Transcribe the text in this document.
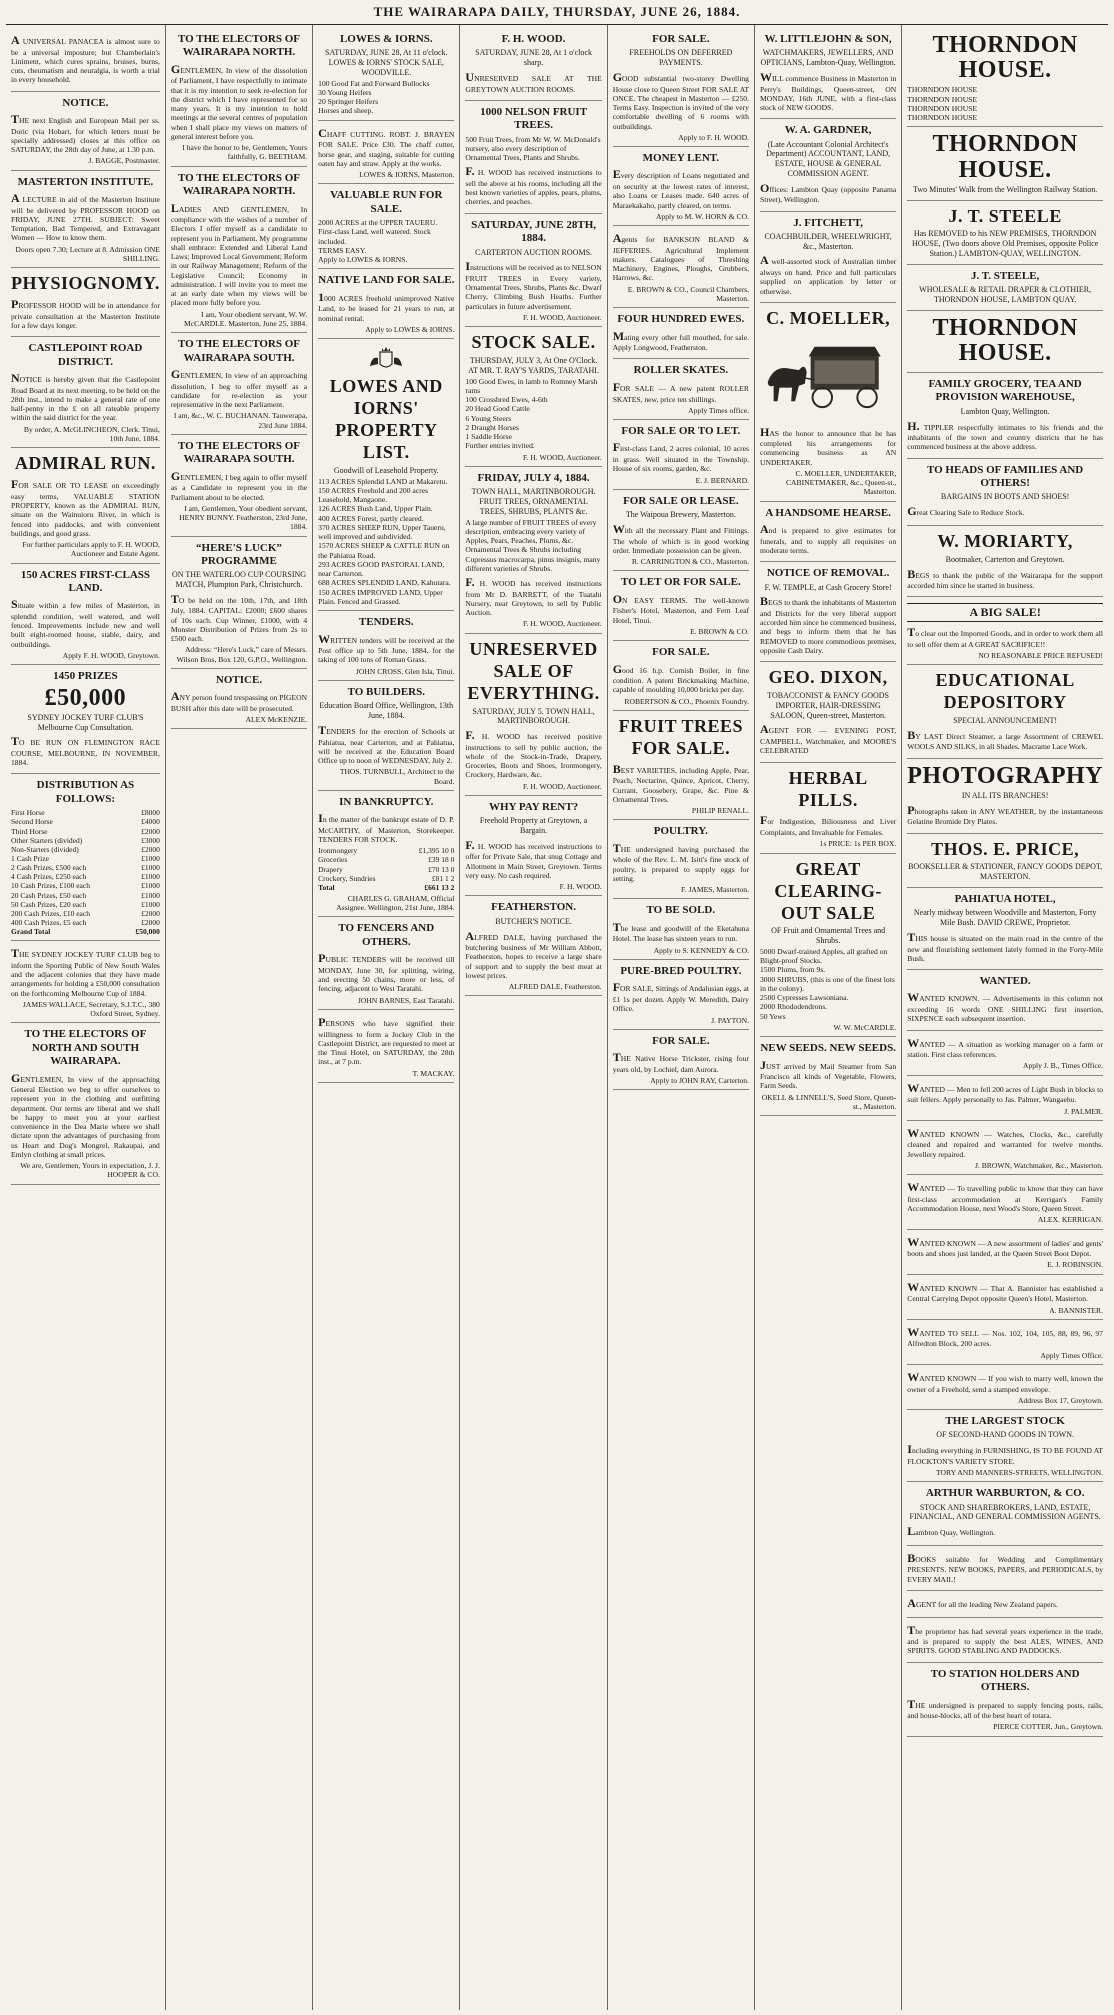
THE WAIRARAPA DAILY, THURSDAY, JUNE 26, 1884.
A UNIVERSAL PANACEA is almost sure to be a universal imposture; but Chamberlain's Liniment, which cures sprains, bruises, burns, cuts, rheumatism and neuralgia, is worth a trial in every household.
NOTICE.
THE next English and European Mail per ss. Doric (via Hobart, for which letters must be specially addressed) closes at this office on SATURDAY, the 28th day of June, at 1.30 p.m.
J. BAGGE, Postmaster.
MASTERTON INSTITUTE.
A LECTURE in aid of the Masterton Institute will be delivered by PROFESSOR HOOD on FRIDAY, JUNE 27TH. SUBJECT: Sweet Temptation, Bad Tempered, and Extravagant Women — How to know them.
Doors open 7.30; Lecture at 8. Admission ONE SHILLING.
PHYSIOGNOMY.
PROFESSOR HOOD will be in attendance for private consultation at the Masterton Institute for a few days longer.
CASTLEPOINT ROAD DISTRICT.
NOTICE is hereby given that the Castlepoint Road Board at its next meeting, to be held on the 28th inst., intend to make a general rate of one half-penny in the £ on all rateable property within the said district for the year.
By order, A. McGLINCHEON, Clerk. Tinui, 10th June, 1884.
ADMIRAL RUN.
FOR SALE OR TO LEASE on exceedingly easy terms, VALUABLE STATION PROPERTY, known as the ADMIRAL RUN, situate on the Wainuioru River, in which is fenced into paddocks, and with convenient buildings, and good grass.
For further particulars apply to F. H. WOOD, Auctioneer and Estate Agent.
150 ACRES FIRST-CLASS LAND.
Situate within a few miles of Masterton, in splendid condition, well watered, and well fenced. Improvements include new and well built eight-roomed house, stable, dairy, and outbuildings.
Apply F. H. WOOD, Greytown.
1450 PRIZES
£50,000
SYDNEY JOCKEY TURF CLUB'S Melbourne Cup Consultation.
TO BE RUN ON FLEMINGTON RACE COURSE, MELBOURNE, IN NOVEMBER, 1884.
DISTRIBUTION AS FOLLOWS:
First Horse	£8000
Second Horse	£4000
Third Horse	£2000
Other Starters (divided)	£3000
Non-Starters (divided)	£2000
1 Cash Prize	£1000
2 Cash Prizes, £500 each	£1000
4 Cash Prizes, £250 each	£1000
10 Cash Prizes, £100 each	£1000
20 Cash Prizes, £50 each	£1000
50 Cash Prizes, £20 each	£1000
200 Cash Prizes, £10 each	£2000
400 Cash Prizes, £5 each	£2000
Grand Total	£50,000
THE SYDNEY JOCKEY TURF CLUB beg to inform the Sporting Public of New South Wales and the adjacent colonies that they have made arrangements for holding a £50,000 consultation on the forthcoming Melbourne Cup of 1884.
JAMES WALLACE, Secretary, S.J.T.C., 380 Oxford Street, Sydney.
TO THE ELECTORS OF NORTH AND SOUTH WAIRARAPA.
GENTLEMEN, In view of the approaching General Election we beg to offer ourselves to represent you in the clothing and outfitting department. Our terms are liberal and we shall be happy to meet you at your earliest convenience in the Dea Marie where we shall dictate upon the advantages of purchasing from us Heart and Dog's Mongrel, Rakaupai, and Emlyn clothing at small prices.
We are, Gentlemen, Yours in expectation, J. J. HOOPER & CO.
TO THE ELECTORS OF WAIRARAPA NORTH.
GENTLEMEN, In view of the dissolution of Parliament, I have respectfully to intimate that it is my intention to seek re-election for the district which I have represented for so many years. It is my intention to hold meetings at the several centres of population when I shall place my views on matters of general interest before you.
I have the honor to be, Gentlemen, Yours faithfully, G. BEETHAM.
TO THE ELECTORS OF WAIRARAPA NORTH.
LADIES AND GENTLEMEN, In compliance with the wishes of a number of Electors I offer myself as a candidate to represent you in Parliament. My programme shall embrace: Extended and Liberal Land Laws; Improved Local Government; Reform in our Railway Management; Reform of the Legislative Council; Economy in administration. I will invite you to meet me at an early date when my views will be placed more fully before you.
I am, Your obedient servant, W. W. McCARDLE. Masterton, June 25, 1884.
TO THE ELECTORS OF WAIRARAPA SOUTH.
GENTLEMEN, In view of an approaching dissolution, I beg to offer myself as a candidate for re-election as your representative in the next Parliament.
I am, &c., W. C. BUCHANAN. Tauwerapa, 23rd June 1884.
TO THE ELECTORS OF WAIRARAPA SOUTH.
GENTLEMEN, I beg again to offer myself as a Candidate to represent you in the Parliament about to be elected.
I am, Gentlemen, Your obedient servant, HENRY BUNNY. Featherston, 23rd June, 1884.
“HERE'S LUCK” PROGRAMME
ON THE WATERLOO CUP COURSING MATCH, Plumpton Park, Christchurch.
TO be held on the 10th, 17th, and 18th July, 1884. CAPITAL: £2000; £600 shares of 10s each. Cup Winner, £1000, with 4 Monster Distribution of Prizes from 2s to £500 each.
Address: “Here's Luck,” care of Messrs. Wilson Bros, Box 120, G.P.O., Wellington.
NOTICE.
ANY person found trespassing on PIGEON BUSH after this date will be prosecuted.
ALEX McKENZIE.
LOWES & IORNS.
SATURDAY, JUNE 28, At 11 o'clock. LOWES & IORNS' STOCK SALE, WOODVILLE.
100 Good Fat and Forward Bullocks
30 Young Heifers
20 Springer Heifers
Horses and sheep.
CHAFF CUTTING. ROBT. J. BRAYEN FOR SALE. Price £30. The chaff cutter, horse gear, and staging, suitable for cutting oaten hay and straw. Apply at the works.
LOWES & IORNS, Masterton.
VALUABLE RUN FOR SALE.
2000 ACRES at the UPPER TAUERU. First-class Land, well watered. Stock included.
TERMS EASY.
Apply to LOWES & IORNS.
NATIVE LAND FOR SALE.
1000 ACRES freehold unimproved Native Land, to be leased for 21 years to run, at nominal rental.
Apply to LOWES & IORNS.
LOWES AND IORNS' PROPERTY LIST.
Goodwill of Leasehold Property.
113 ACRES Splendid LAND at Makaretu.
150 ACRES Freehold and 200 acres Leasehold, Mangaone.
126 ACRES Bush Land, Upper Plain.
400 ACRES Forest, partly cleared.
370 ACRES SHEEP RUN, Upper Taueru, well improved and subdivided.
1570 ACRES SHEEP & CATTLE RUN on the Pahiatua Road.
293 ACRES GOOD PASTORAL LAND, near Carterton.
688 ACRES SPLENDID LAND, Kahutara.
150 ACRES IMPROVED LAND, Upper Plain. Fenced and Grassed.
TENDERS.
WRITTEN tenders will be received at the Post office up to 5th June, 1884, for the taking of 100 tons of Roman Grass.
JOHN CROSS, Glen Isla, Tinui.
TO BUILDERS.
Education Board Office, Wellington, 13th June, 1884.
TENDERS for the erection of Schools at Pahiatua, near Carterton, and at Pahiatua, will be received at the Education Board Office up to noon of WEDNESDAY, July 2.
THOS. TURNBULL, Architect to the Board.
IN BANKRUPTCY.
In the matter of the bankrupt estate of D. P. McCARTHY, of Masterton, Storekeeper. TENDERS FOR STOCK.
Ironmongery	£1,395 10 0
Groceries	£39 18 0
Drapery	£70 13 0
Crockery, Sundries	£81 1 2
Total	£661 13 2
CHARLES G. GRAHAM, Official Assignee. Wellington, 21st June, 1884.
TO FENCERS AND OTHERS.
PUBLIC TENDERS will be received till MONDAY, June 30, for splitting, wiring, and erecting 50 chains, more or less, of fencing, adjacent to West Taratahi.
JOHN BARNES, East Taratahi.
PERSONS who have signified their willingness to form a Jockey Club in the Castlepoint District, are requested to meet at the Tinui Hotel, on SATURDAY, the 28th inst., at 7 p.m.
T. MACKAY.
F. H. WOOD.
SATURDAY, JUNE 28, At 1 o'clock sharp.
UNRESERVED SALE AT THE GREYTOWN AUCTION ROOMS.
1000 NELSON FRUIT TREES.
500 Fruit Trees, from Mr W. W. McDonald's nursery, also every description of Ornamental Trees, Plants and Shrubs.
F. H. WOOD has received instructions to sell the above at his rooms, including all the best known varieties of apples, pears, plums, cherries, and peaches.
SATURDAY, JUNE 28TH, 1884.
CARTERTON AUCTION ROOMS.
Instructions will be received as to NELSON FRUIT TREES in Every variety, Ornamental Trees, Shrubs, Plants &c. Dwarf Cherry, Climbing Bush Heaths. Further particulars in future advertisement.
F. H. WOOD, Auctioneer.
STOCK SALE.
THURSDAY, JULY 3, At One O'Clock. AT MR. T. RAY'S YARDS, TARATAHI.
100 Good Ewes, in lamb to Romney Marsh rams
100 Crossbred Ewes, 4-6th
20 Head Good Cattle
6 Young Steers
2 Draught Horses
1 Saddle Horse
Further entries invited.
F. H. WOOD, Auctioneer.
FRIDAY, JULY 4, 1884.
TOWN HALL, MARTINBOROUGH. FRUIT TREES, ORNAMENTAL TREES, SHRUBS, PLANTS &c.
A large number of FRUIT TREES of every description, embracing every variety of Apples, Pears, Peaches, Plums, &c.
Ornamental Trees & Shrubs including Cupressus macrocarpa, pinus insignis, many different varieties of Shrubs.
F. H. WOOD has received instructions from Mr D. BARRETT, of the Tuatahi Nursery, near Greytown, to sell by Public Auction.
F. H. WOOD, Auctioneer.
UNRESERVED SALE OF EVERYTHING.
SATURDAY, JULY 5. TOWN HALL, MARTINBOROUGH.
F. H. WOOD has received positive instructions to sell by public auction, the whole of the Stock-in-Trade, Drapery, Groceries, Boots and Shoes, Ironmongery, Crockery, Hardware, &c.
F. H. WOOD, Auctioneer.
WHY PAY RENT?
Freehold Property at Greytown, a Bargain.
F. H. WOOD has received instructions to offer for Private Sale, that snug Cottage and Allotment in Main Street, Greytown. Terms very easy. No cash required.
F. H. WOOD.
FEATHERSTON.
BUTCHER'S NOTICE.
ALFRED DALE, having purchased the butchering business of Mr William Abbott, Featherston, hopes to receive a large share of support and to supply the best meat at lowest prices.
ALFRED DALE, Featherston.
FOR SALE.
FREEHOLDS ON DEFERRED PAYMENTS.
GOOD substantial two-storey Dwelling House close to Queen Street FOR SALE AT ONCE. The cheapest in Masterton — £250. Terms Easy. Inspection is invited of the very comfortable dwelling of 6 rooms with outbuildings.
Apply to F. H. WOOD.
MONEY LENT.
Every description of Loans negotiated and on security at the lowest rates of interest, also Loans or Leases made. 640 acres of Maraekakaho, partly cleared, on terms.
Apply to M. W. HORN & CO.
Agents for BANKSON BLAND & JEFFERIES. Agricultural Implement makers. Catalogues of Threshing Machinery, Engines, Ploughs, Grubbers, Harrows, &c.
E. BROWN & CO., Council Chambers, Masterton.
FOUR HUNDRED EWES.
Mating every other full mouthed, for sale. Apply Longwood, Featherston.
ROLLER SKATES.
FOR SALE — A new patent ROLLER SKATES, new, price ten shillings.
Apply Times office.
FOR SALE OR TO LET.
First-class Land, 2 acres colonial, 10 acres in grass. Well situated in the Township. House of six rooms, garden, &c.
E. J. BERNARD.
FOR SALE OR LEASE.
The Waipoua Brewery, Masterton.
With all the necessary Plant and Fittings. The whole of which is in good working order. Immediate possession can be given.
R. CARRINGTON & CO., Masterton.
TO LET OR FOR SALE.
ON EASY TERMS. The well-known Fisher's Hotel, Masterton, and Fern Leaf Hotel, Tinui.
E. BROWN & CO.
FOR SALE.
Good 16 h.p. Cornish Boiler, in fine condition. A patent Brickmaking Machine, capable of moulding 10,000 bricks per day.
ROBERTSON & CO., Phoenix Foundry.
FRUIT TREES FOR SALE.
BEST VARIETIES, including Apple, Pear, Peach, Nectarine, Quince, Apricot, Cherry, Currant, Goosebery, Grape, &c. Pine & Ornamental Trees.
PHILIP RENALL.
POULTRY.
THE undersigned having purchased the whole of the Rev. L. M. Isitt's fine stock of poultry, is prepared to supply eggs for setting.
F. JAMES, Masterton.
TO BE SOLD.
The lease and goodwill of the Eketahuna Hotel. The lease has sixteen years to run.
Apply to S. KENNEDY & CO.
PURE-BRED POULTRY.
FOR SALE, Sittings of Andalusian eggs, at £1 1s per dozen. Apply W. Meredith, Dairy Office.
J. PAYTON.
FOR SALE.
THE Native Horse Trickster, rising four years old, by Lochiel, dam Aurora.
Apply to JOHN RAY, Carterton.
W. LITTLEJOHN & SON,
WATCHMAKERS, JEWELLERS, AND OPTICIANS, Lambton-Quay, Wellington.
WILL commence Business in Masterton in Perry's Buildings, Queen-street, ON MONDAY, 16th JUNE, with a first-class stock of NEW GOODS.
W. A. GARDNER,
(Late Accountant Colonial Architect's Department) ACCOUNTANT, LAND, ESTATE, HOUSE & GENERAL COMMISSION AGENT.
Offices: Lambton Quay (opposite Panama Street), Wellington.
J. FITCHETT,
COACHBUILDER, WHEELWRIGHT, &c., Masterton.
A well-assorted stock of Australian timber always on hand. Price and full particulars supplied on application by letter or otherwise.
C. MOELLER,
HAS the honor to announce that he has completed his arrangements for commencing business as AN UNDERTAKER.
C. MOELLER, UNDERTAKER, CABINETMAKER, &c., Queen-st., Masterton.
A HANDSOME HEARSE.
And is prepared to give estimates for funerals, and to supply all requisites on moderate terms.
NOTICE OF REMOVAL.
F. W. TEMPLE, at Cash Grocery Store!
BEGS to thank the inhabitants of Masterton and Districts for the very liberal support accorded him since he commenced business, and begs to inform them that he has REMOVED to more commodious premises, opposite Cash Dairy.
GEO. DIXON,
TOBACCONIST & FANCY GOODS IMPORTER, HAIR-DRESSING SALOON, Queen-street, Masterton.
AGENT FOR — EVENING POST, CAMPBELL, Watchmaker, and MOORE'S CELEBRATED
HERBAL PILLS.
For Indigestion, Biliousness and Liver Complaints, and Invaluable for Females.
1s PRICE: 1s PER BOX.
GREAT CLEARING-OUT SALE
OF Fruit and Ornamental Trees and Shrubs.
5000 Dwarf-trained Apples, all grafted on Blight-proof Stocks.
1500 Plums, from 9s.
3000 SHRUBS, (this is one of the finest lots in the colony).
2500 Cypresses Lawsoniana.
2000 Rhododendrons.
50 Yews
W. W. McCARDLE.
NEW SEEDS. NEW SEEDS.
JUST arrived by Mail Steamer from San Francisco all kinds of Vegetable, Flowers, Farm Seeds.
OKELL & LINNELL'S, Seed Store, Queen-st., Masterton.
THORNDON HOUSE.
THORNDON HOUSE
THORNDON HOUSE
THORNDON HOUSE
THORNDON HOUSE
THORNDON HOUSE.
Two Minutes' Walk from the Wellington Railway Station.
J. T. STEELE
Has REMOVED to his NEW PREMISES, THORNDON HOUSE, (Two doors above Old Premises, opposite Police Station.) LAMBTON-QUAY, WELLINGTON.
J. T. STEELE,
WHOLESALE & RETAIL DRAPER & CLOTHIER, THORNDON HOUSE, LAMBTON QUAY.
THORNDON HOUSE.
FAMILY GROCERY, TEA AND PROVISION WAREHOUSE,
Lambton Quay, Wellington.
H. TIPPLER respectfully intimates to his friends and the inhabitants of the town and country districts that he has commenced business at the above address.
TO HEADS OF FAMILIES AND OTHERS!
BARGAINS IN BOOTS AND SHOES!
Great Clearing Sale to Reduce Stock.
W. MORIARTY,
Bootmaker, Carterton and Greytown.
BEGS to thank the public of the Wairarapa for the support accorded him since he started in business.
A BIG SALE!
To clear out the Imported Goods, and in order to work them all to sell offer them at A GREAT SACRIFICE!!
NO REASONABLE PRICE REFUSED!
EDUCATIONAL DEPOSITORY
SPECIAL ANNOUNCEMENT!
BY LAST Direct Steamer, a large Assortment of CREWEL WOOLS AND SILKS, in all Shades. Macrame Lace Work.
PHOTOGRAPHY
IN ALL ITS BRANCHES!
Photographs taken in ANY WEATHER, by the instantaneous Gelatine Bromide Dry Plates.
THOS. E. PRICE,
BOOKSELLER & STATIONER, FANCY GOODS DEPOT, MASTERTON.
PAHIATUA HOTEL,
Nearly midway between Woodville and Masterton, Forty Mile Bush. DAVID CREWE, Proprietor.
THIS house is situated on the main road in the centre of the new and flourishing settlement lately formed in the Forty-Mile Bush.
WANTED.
WANTED KNOWN. — Advertisements in this column not exceeding 16 words ONE SHILLING first insertion, SIXPENCE each subsequent insertion.
WANTED — A situation as working manager on a farm or station. First class references.
Apply J. B., Times Office.
WANTED — Men to fell 200 acres of Light Bush in blocks to suit fellers. Apply personally to Jas. Palmer, Wangaehu.
J. PALMER.
WANTED KNOWN — Watches, Clocks, &c., carefully cleaned and repaired and warranted for twelve months. Jewellery repaired.
J. BROWN, Watchmaker, &c., Masterton.
WANTED — To travelling public to know that they can have first-class accommodation at Kerrigan's Family Accommodation House, next Wood's Store, Queen Street.
ALEX. KERRIGAN.
WANTED KNOWN — A new assortment of ladies' and gents' boots and shoes just landed, at the Queen Street Boot Depot.
E. J. ROBINSON.
WANTED KNOWN — That A. Bannister has established a Central Carrying Depot opposite Queen's Hotel, Masterton.
A. BANNISTER.
WANTED TO SELL — Nos. 102, 104, 105, 88, 89, 96, 97 Alfredton Block, 200 acres.
Apply Times Office.
WANTED KNOWN — If you wish to marry well, known the owner of a Freehold, send a stamped envelope.
Address Box 17, Greytown.
THE LARGEST STOCK
OF SECOND-HAND GOODS IN TOWN.
Including everything in FURNISHING, IS TO BE FOUND AT FLOCKTON'S VARIETY STORE.
TORY AND MANNERS-STREETS, WELLINGTON.
ARTHUR WARBURTON, & CO.
STOCK AND SHAREBROKERS, LAND, ESTATE, FINANCIAL, AND GENERAL COMMISSION AGENTS.
Lambton Quay, Wellington.
BOOKS suitable for Wedding and Complimentary PRESENTS. NEW BOOKS, PAPERS, and PERIODICALS, by EVERY MAIL!
AGENT for all the leading New Zealand papers.
The proprietor has had several years experience in the trade, and is prepared to supply the best ALES, WINES, AND SPIRITS. GOOD STABLING AND PADDOCKS.
TO STATION HOLDERS AND OTHERS.
THE undersigned is prepared to supply fencing posts, rails, and house-blocks, all of the best heart of totara.
PIERCE COTTER, Jun., Greytown.
